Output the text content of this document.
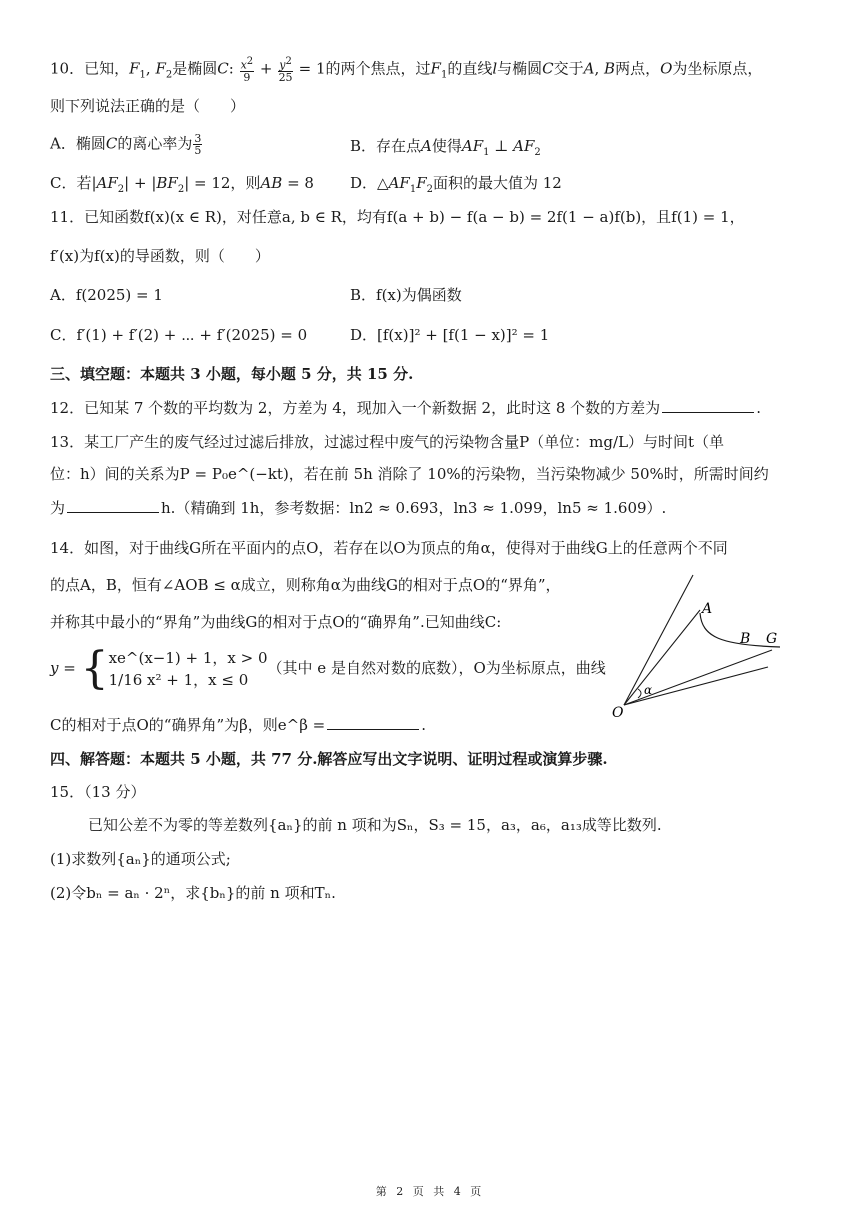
10．已知，$F_1$, $F_2$是椭圆C: $\frac{x^2}{9} + \frac{y^2}{25} = 1$的两个焦点，过$F_1$的直线l与椭圆C交于A, B两点，O为坐标原点，
则下列说法正确的是（　　）
A．椭圆C的离心率为 $\frac{3}{5}$	B．存在点A使得$AF_1$ ⊥ $AF_2$
C．若$|AF_2| + |BF_2| = 12$，则AB = 8 D．$\triangle AF_1F_2$面积的最大值为 12
11．已知函数f(x)(x ∈ R)，对任意a, b ∈ R，均有f(a + b) − f(a − b) = 2f(1 − a)f(b)，且f(1) = 1，
f′(x)为f(x)的导函数，则（　　）
A．f(2025) = 1	B．f(x)为偶函数
C．f′(1) + f′(2) + ⋯ + f′(2025) = 0	D．[f(x)]² + [f(1 − x)]² = 1
三、填空题：本题共 3 小题，每小题 5 分，共 15 分.
12．已知某 7 个数的平均数为 2，方差为 4，现加入一个新数据 2，此时这 8 个数的方差为	.
13．某工厂产生的废气经过过滤后排放，过滤过程中废气的污染物含量P（单位：mg/L）与时间t（单
位：h）间的关系为P = P₀e^(−kt)，若在前 5h 消除了 10%的污染物，当污染物减少 50%时，所需时间约
为	h.（精确到 1h，参考数据：ln2 ≈ 0.693，ln3 ≈ 1.099，ln5 ≈ 1.609）.
14．如图，对于曲线G所在平面内的点O，若存在以O为顶点的角α，使得对于曲线G上的任意两个不同
的点A，B，恒有∠AOB ≤ α成立，则称角α为曲线G的相对于点O的“界角”，
并称其中最小的“界角”为曲线G的相对于点O的“确界角”.已知曲线C:
y = { xe^(x−1) + 1，x > 0
1/16 x² + 1，x ≤ 0
（其中 e 是自然对数的底数），O为坐标原点，曲线
C的相对于点O的“确界角”为β，则e^β =	.
A
B G
O
α
四、解答题：本题共 5 小题，共 77 分.解答应写出文字说明、证明过程或演算步骤.
15．（13 分）
已知公差不为零的等差数列{aₙ}的前 n 项和为Sₙ，S₃ = 15，a₃，a₆，a₁₃成等比数列.
(1)求数列{aₙ}的通项公式;
(2)令bₙ = aₙ · 2ⁿ，求{bₙ}的前 n 项和Tₙ.
第 2 页 共 4 页
